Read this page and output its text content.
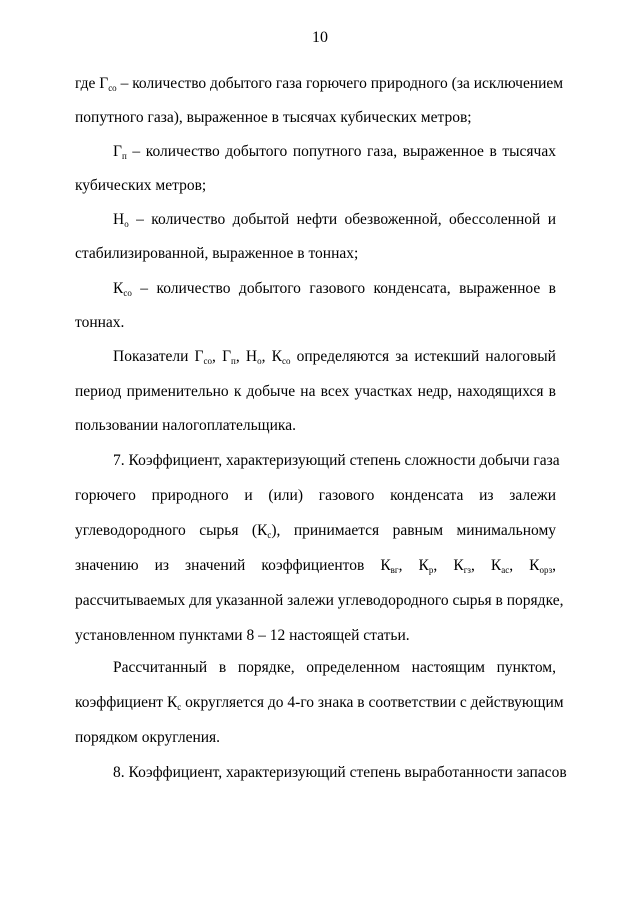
10
где $Г_{со}$ – количество добытого газа горючего природного (за исключением
попутного газа), выраженное в тысячах кубических метров;
$Г_п$ – количество добытого попутного газа, выраженное в тысячах
кубических метров;
$Н_о$ – количество добытой нефти обезвоженной, обессоленной и
стабилизированной, выраженное в тоннах;
$К_{со}$ – количество добытого газового конденсата, выраженное в
тоннах.
Показатели $Г_{со}$, $Г_п$, $Н_о$, $К_{со}$ определяются за истекший налоговый
период применительно к добыче на всех участках недр, находящихся в
пользовании налогоплательщика.
7. Коэффициент, характеризующий степень сложности добычи газа
горючего природного и (или) газового конденсата из залежи
углеводородного сырья $(К_с)$, принимается равным минимальному
значению из значений коэффициентов $К_{вг}$, $К_р$, $К_{гз}$, $К_{ас}$, $К_{орз}$,
рассчитываемых для указанной залежи углеводородного сырья в порядке,
установленном пунктами 8 – 12 настоящей статьи.
Рассчитанный в порядке, определенном настоящим пунктом,
коэффициент $К_с$ округляется до 4-го знака в соответствии с действующим
порядком округления.
8. Коэффициент, характеризующий степень выработанности запасов
